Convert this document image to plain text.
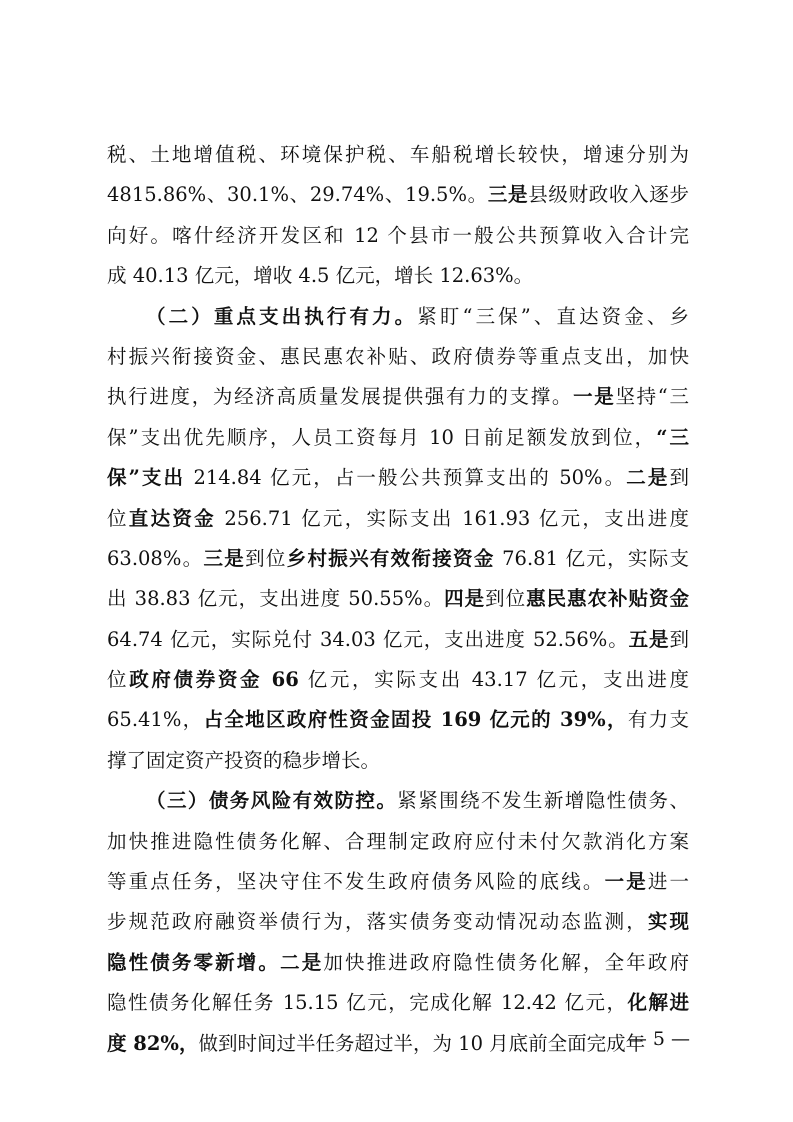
税、土地增值税、环境保护税、车船税增长较快，增速分别为
4815.86%、30.1%、29.74%、19.5%。三是县级财政收入逐步
向好。喀什经济开发区和 12 个县市一般公共预算收入合计完
成 40.13 亿元，增收 4.5 亿元，增长 12.63%。
（二）重点支出执行有力。紧盯“三保”、直达资金、乡
村振兴衔接资金、惠民惠农补贴、政府债券等重点支出，加快
执行进度，为经济高质量发展提供强有力的支撑。一是坚持“三
保”支出优先顺序，人员工资每月 10 日前足额发放到位，“三
保”支出 214.84 亿元，占一般公共预算支出的 50%。二是到
位直达资金 256.71 亿元，实际支出 161.93 亿元，支出进度
63.08%。三是到位乡村振兴有效衔接资金 76.81 亿元，实际支
出 38.83 亿元，支出进度 50.55%。四是到位惠民惠农补贴资金
64.74 亿元，实际兑付 34.03 亿元，支出进度 52.56%。五是到
位政府债券资金 66 亿元，实际支出 43.17 亿元，支出进度
65.41%，占全地区政府性资金固投 169 亿元的 39%，有力支
撑了固定资产投资的稳步增长。
（三）债务风险有效防控。紧紧围绕不发生新增隐性债务、
加快推进隐性债务化解、合理制定政府应付未付欠款消化方案
等重点任务，坚决守住不发生政府债务风险的底线。一是进一
步规范政府融资举债行为，落实债务变动情况动态监测，实现
隐性债务零新增。二是加快推进政府隐性债务化解，全年政府
隐性债务化解任务 15.15 亿元，完成化解 12.42 亿元，化解进
度 82%，做到时间过半任务超过半，为 10 月底前全面完成年
— 5 —
